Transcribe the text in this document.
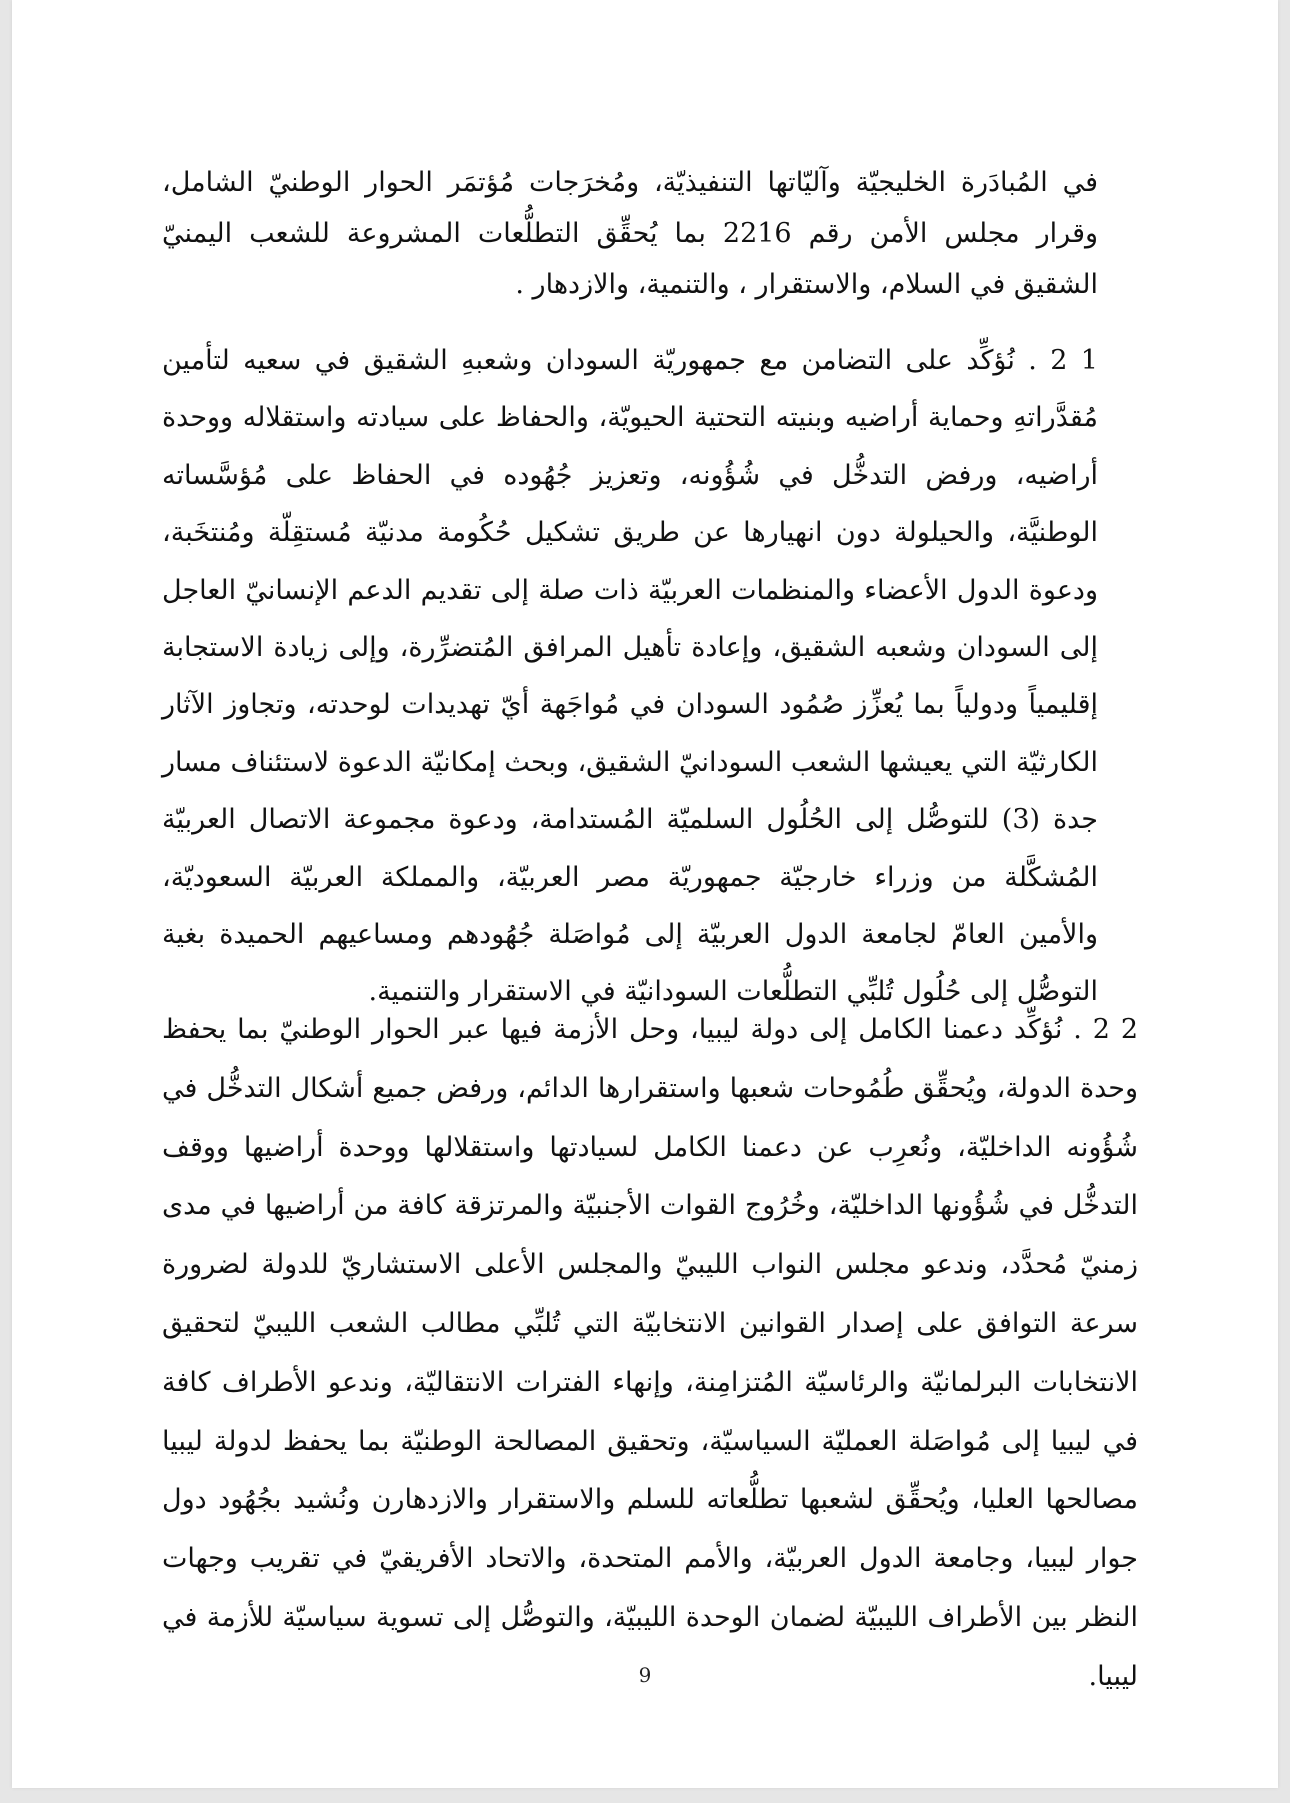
في المُبادَرة الخليجيّة وآليّاتها التنفيذيّة، ومُخرَجات مُؤتمَر الحوار الوطنيّ الشامل، وقرار مجلس الأمن رقم 2216 بما يُحقِّق التطلُّعات المشروعة للشعب اليمنيّ الشقيق في السلام، والاستقرار ، والتنمية، والازدهار .

1 2 . نُؤكِّد على التضامن مع جمهوريّة السودان وشعبهِ الشقيق في سعيه لتأمين مُقدَّراتهِ وحماية أراضيه وبنيته التحتية الحيويّة، والحفاظ على سيادته واستقلاله ووحدة أراضيه، ورفض التدخُّل في شُؤُونه، وتعزيز جُهُوده في الحفاظ على مُؤسَّساته الوطنيَّة، والحيلولة دون انهيارها عن طريق تشكيل حُكُومة مدنيّة مُستقِلّة ومُنتخَبة، ودعوة الدول الأعضاء والمنظمات العربيّة ذات صلة إلى تقديم الدعم الإنسانيّ العاجل إلى السودان وشعبه الشقيق، وإعادة تأهيل المرافق المُتضرِّرة، وإلى زيادة الاستجابة إقليمياً ودولياً بما يُعزِّز صُمُود السودان في مُواجَهة أيّ تهديدات لوحدته، وتجاوز الآثار الكارثيّة التي يعيشها الشعب السودانيّ الشقيق، وبحث إمكانيّة الدعوة لاستئناف مسار جدة (3) للتوصُّل إلى الحُلُول السلميّة المُستدامة، ودعوة مجموعة الاتصال العربيّة المُشكَّلة من وزراء خارجيّة جمهوريّة مصر العربيّة، والمملكة العربيّة السعوديّة، والأمين العامّ لجامعة الدول العربيّة إلى مُواصَلة جُهُودهم ومساعيهم الحميدة بغية التوصُّل إلى حُلُول تُلبِّي التطلُّعات السودانيّة في الاستقرار والتنمية.

2 2 . نُؤكِّد دعمنا الكامل إلى دولة ليبيا، وحل الأزمة فيها عبر الحوار الوطنيّ بما يحفظ وحدة الدولة، ويُحقِّق طُمُوحات شعبها واستقرارها الدائم، ورفض جميع أشكال التدخُّل في شُؤُونه الداخليّة، ونُعرِب عن دعمنا الكامل لسيادتها واستقلالها ووحدة أراضيها ووقف التدخُّل في شُؤُونها الداخليّة، وخُرُوج القوات الأجنبيّة والمرتزقة كافة من أراضيها في مدى زمنيّ مُحدَّد، وندعو مجلس النواب الليبيّ والمجلس الأعلى الاستشاريّ للدولة لضرورة سرعة التوافق على إصدار القوانين الانتخابيّة التي تُلبِّي مطالب الشعب الليبيّ لتحقيق الانتخابات البرلمانيّة والرئاسيّة المُتزامِنة، وإنهاء الفترات الانتقاليّة، وندعو الأطراف كافة في ليبيا إلى مُواصَلة العمليّة السياسيّة، وتحقيق المصالحة الوطنيّة بما يحفظ لدولة ليبيا مصالحها العليا، ويُحقِّق لشعبها تطلُّعاته للسلم والاستقرار والازدهارن ونُشيد بجُهُود دول جوار ليبيا، وجامعة الدول العربيّة، والأمم المتحدة، والاتحاد الأفريقيّ في تقريب وجهات النظر بين الأطراف الليبيّة لضمان الوحدة الليبيّة، والتوصُّل إلى تسوية سياسيّة للأزمة في ليبيا.

9
